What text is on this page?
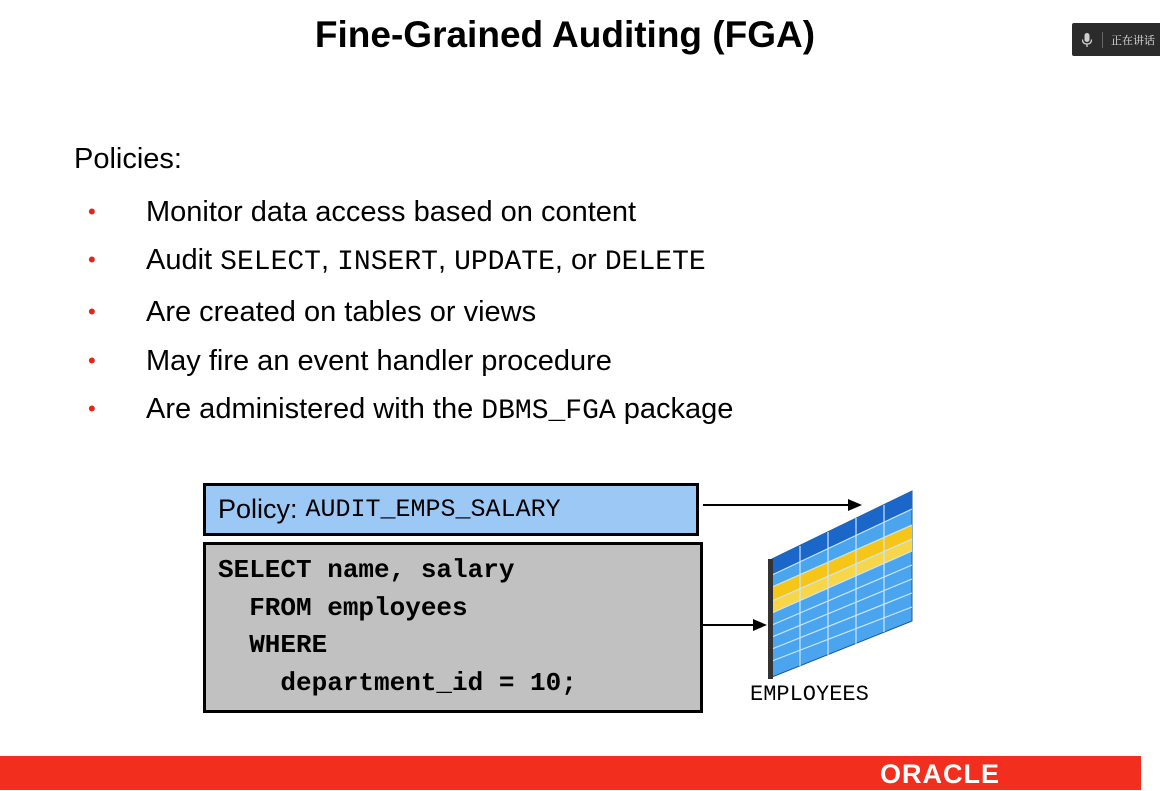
Fine-Grained Auditing (FGA)	正在讲话
Policies:
• Monitor data access based on content
• Audit SELECT, INSERT, UPDATE, or DELETE
• Are created on tables or views
• May fire an event handler procedure
• Are administered with the DBMS_FGA package
Policy: AUDIT_EMPS_SALARY
SELECT name, salary
FROM employees
WHERE
department_id = 10;	EMPLOYEES
ORACLE
